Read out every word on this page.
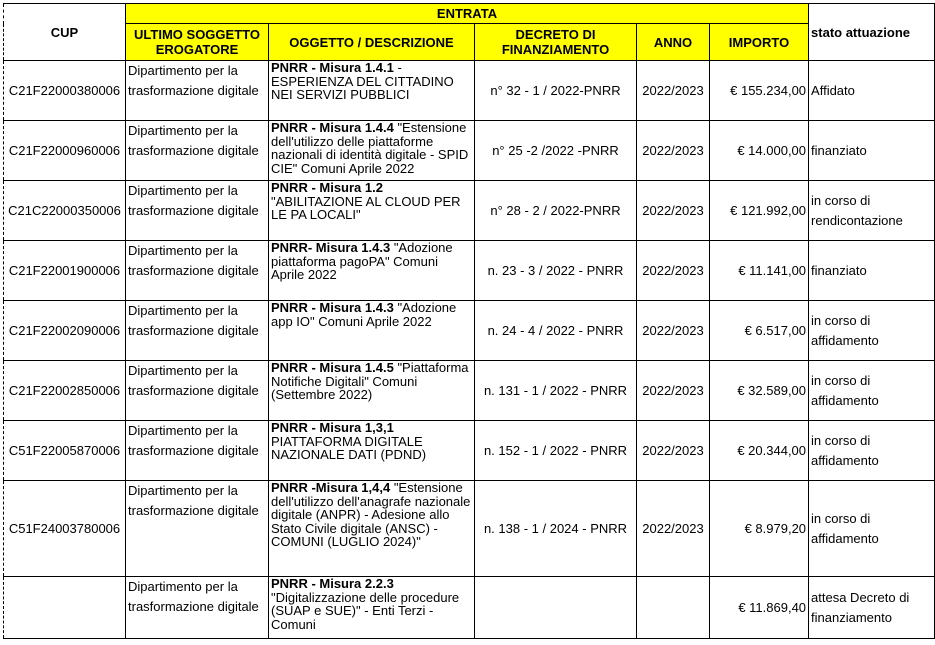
CUP	ENTRATA					stato attuazione
	ULTIMO SOGGETTO EROGATORE	OGGETTO / DESCRIZIONE	DECRETO DI FINANZIAMENTO	ANNO	IMPORTO	
C21F22000380006	Dipartimento per la trasformazione digitale	PNRR - Misura 1.4.1 - ESPERIENZA DEL CITTADINO NEI SERVIZI PUBBLICI	n° 32 - 1 / 2022-PNRR	2022/2023	€ 155.234,00	Affidato
C21F22000960006	Dipartimento per la trasformazione digitale	PNRR - Misura 1.4.4 "Estensione dell'utilizzo delle piattaforme nazionali di identità digitale - SPID CIE" Comuni Aprile 2022	n° 25 -2 /2022 -PNRR	2022/2023	€ 14.000,00	finanziato
C21C22000350006	Dipartimento per la trasformazione digitale	PNRR - Misura 1.2 "ABILITAZIONE AL CLOUD PER LE PA LOCALI"	n° 28 - 2 / 2022-PNRR	2022/2023	€ 121.992,00	in corso di rendicontazione
C21F22001900006	Dipartimento per la trasformazione digitale	PNRR- Misura 1.4.3 "Adozione piattaforma pagoPA" Comuni Aprile 2022	n. 23 - 3 / 2022 - PNRR	2022/2023	€ 11.141,00	finanziato
C21F22002090006	Dipartimento per la trasformazione digitale	PNRR - Misura 1.4.3 "Adozione app IO" Comuni Aprile 2022	n. 24 - 4 / 2022 - PNRR	2022/2023	€ 6.517,00	in corso di affidamento
C21F22002850006	Dipartimento per la trasformazione digitale	PNRR - Misura 1.4.5 "Piattaforma Notifiche Digitali" Comuni (Settembre 2022)	n. 131 - 1 / 2022 - PNRR	2022/2023	€ 32.589,00	in corso di affidamento
C51F22005870006	Dipartimento per la trasformazione digitale	PNRR - Misura 1,3,1 PIATTAFORMA DIGITALE NAZIONALE DATI (PDND)	n. 152 - 1 / 2022 - PNRR	2022/2023	€ 20.344,00	in corso di affidamento
C51F24003780006	Dipartimento per la trasformazione digitale	PNRR -Misura 1,4,4 "Estensione dell'utilizzo dell'anagrafe nazionale digitale (ANPR) - Adesione allo Stato Civile digitale (ANSC) - COMUNI (LUGLIO 2024)"	n. 138 - 1 / 2024 - PNRR	2022/2023	€ 8.979,20	in corso di affidamento
	Dipartimento per la trasformazione digitale	PNRR - Misura 2.2.3 "Digitalizzazione delle procedure (SUAP e SUE)" - Enti Terzi - Comuni			€ 11.869,40	attesa Decreto di finanziamento
